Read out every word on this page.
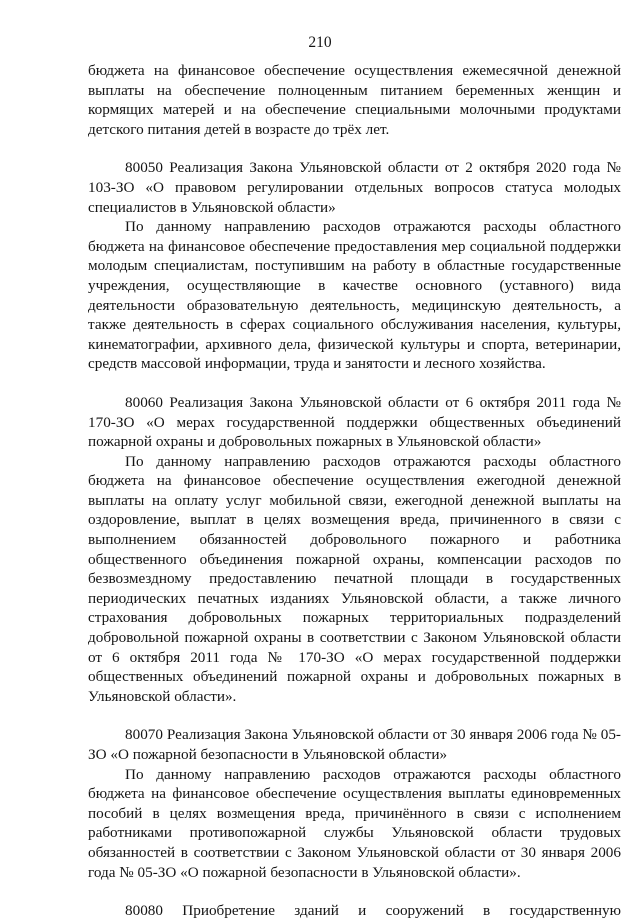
210

бюджета на финансовое обеспечение осуществления ежемесячной денежной выплаты на обеспечение полноценным питанием беременных женщин и кормящих матерей и на обеспечение специальными молочными продуктами детского питания детей в возрасте до трёх лет.

80050 Реализация Закона Ульяновской области от 2 октября 2020 года № 103-ЗО «О правовом регулировании отдельных вопросов статуса молодых специалистов в Ульяновской области»

По данному направлению расходов отражаются расходы областного бюджета на финансовое обеспечение предоставления мер социальной поддержки молодым специалистам, поступившим на работу в областные государственные учреждения, осуществляющие в качестве основного (уставного) вида деятельности образовательную деятельность, медицинскую деятельность, а также деятельность в сферах социального обслуживания населения, культуры, кинематографии, архивного дела, физической культуры и спорта, ветеринарии, средств массовой информации, труда и занятости и лесного хозяйства.

80060 Реализация Закона Ульяновской области от 6 октября 2011 года № 170-ЗО «О мерах государственной поддержки общественных объединений пожарной охраны и добровольных пожарных в Ульяновской области»

По данному направлению расходов отражаются расходы областного бюджета на финансовое обеспечение осуществления ежегодной денежной выплаты на оплату услуг мобильной связи, ежегодной денежной выплаты на оздоровление, выплат в целях возмещения вреда, причиненного в связи с выполнением обязанностей добровольного пожарного и работника общественного объединения пожарной охраны, компенсации расходов по безвозмездному предоставлению печатной площади в государственных периодических печатных изданиях Ульяновской области, а также личного страхования добровольных пожарных территориальных подразделений добровольной пожарной охраны в соответствии с Законом Ульяновской области от 6 октября 2011 года № 170-ЗО «О мерах государственной поддержки общественных объединений пожарной охраны и добровольных пожарных в Ульяновской области».

80070 Реализация Закона Ульяновской области от 30 января 2006 года № 05-ЗО «О пожарной безопасности в Ульяновской области»

По данному направлению расходов отражаются расходы областного бюджета на финансовое обеспечение осуществления выплаты единовременных пособий в целях возмещения вреда, причинённого в связи с исполнением работниками противопожарной службы Ульяновской области трудовых обязанностей в соответствии с Законом Ульяновской области от 30 января 2006 года № 05-ЗО «О пожарной безопасности в Ульяновской области».

80080 Приобретение зданий и сооружений в государственную
